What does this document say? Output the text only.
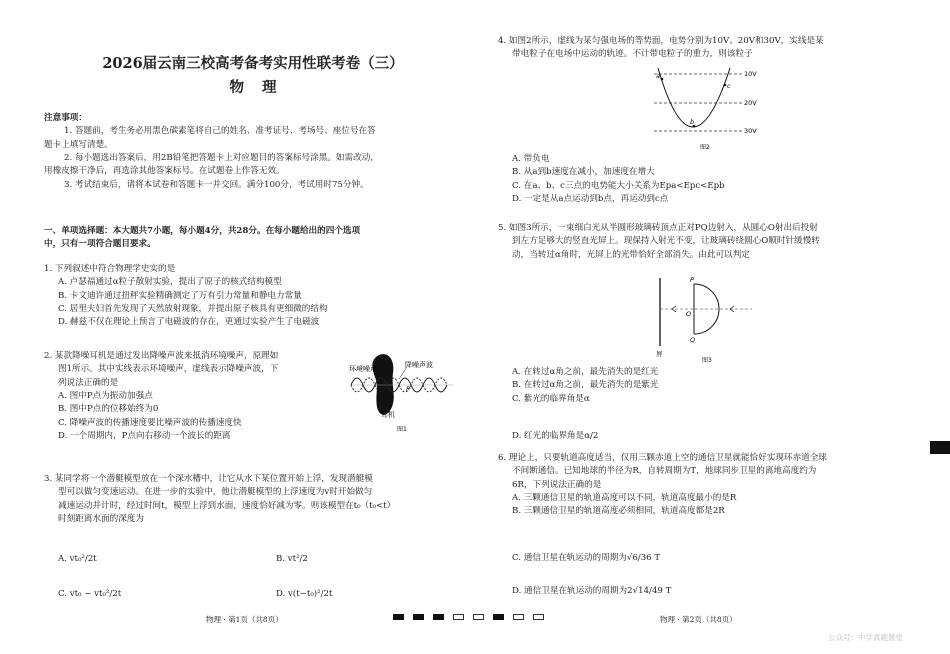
2026届云南三校高考备考实用性联考卷（三）
物理
注意事项：
1. 答题前，考生务必用黑色碳素笔将自己的姓名、准考证号、考场号、座位号在答
题卡上填写清楚。
2. 每小题选出答案后，用2B铅笔把答题卡上对应题目的答案标号涂黑。如需改动，
用橡皮擦干净后，再选涂其他答案标号。在试题卷上作答无效。
3. 考试结束后，请将本试卷和答题卡一并交回。满分100分，考试用时75分钟。
一、单项选择题：本大题共7小题，每小题4分，共28分。在每小题给出的四个选项
中，只有一项符合题目要求。
1. 下列叙述中符合物理学史实的是
A. 卢瑟福通过α粒子散射实验，提出了原子的核式结构模型
B. 卡文迪许通过扭秤实验精确测定了万有引力常量和静电力常量
C. 居里夫妇首先发现了天然放射现象，并提出原子核具有更细微的结构
D. 赫兹不仅在理论上预言了电磁波的存在，更通过实验产生了电磁波
2. 某款降噪耳机是通过发出降噪声波来抵消环境噪声，原理如
图1所示。其中实线表示环境噪声，虚线表示降噪声波，下
列说法正确的是
A. 图中P点为振动加强点
B. 图中P点的位移始终为0
C. 降噪声波的传播速度要比噪声波的传播速度快
D. 一个周期内，P点向右移动一个波长的距离
降噪声波
环境噪声
P
耳机
图1
3. 某同学将一个潜艇模型放在一个深水槽中，让它从水下某位置开始上浮，发现潜艇模
型可以做匀变速运动。在进一步的实验中，他让潜艇模型的上浮速度为v时开始做匀
减速运动并计时，经过时间t，模型上浮到水面，速度恰好减为零。则该模型在t₀（t₀<t）
时刻距离水面的深度为
A. vt₀²/2t	B. vt²/2
C. vt₀ − vt₀²/2t	D. v(t−t₀)²/2t
4. 如图2所示，虚线为某匀强电场的等势面，电势分别为10V、20V和30V，实线是某
带电粒子在电场中运动的轨迹。不计带电粒子的重力，则该粒子
a
b
c
10V
20V
30V
图2
A. 带负电
B. 从a到b速度在减小，加速度在增大
C. 在a、b、c三点的电势能大小关系为Epa<Epc<Epb
D. 一定是从a点运动到b点，再运动到c点
5. 如图3所示，一束细白光从半圆形玻璃砖顶点正对PQ边射入，从圆心O射出后投射
到左方足够大的竖直光屏上。现保持入射光不变，让玻璃砖绕圆心O顺时针缓慢转
动，当转过α角时，光屏上的光带恰好全部消失。由此可以判定
P
O
Q
屏
图3
A. 在转过α角之前，最先消失的是红光
B. 在转过α角之前，最先消失的是紫光
C. 紫光的临界角是α
D. 红光的临界角是α/2
6. 理论上，只要轨道高度适当，仅用三颗赤道上空的通信卫星就能恰好实现环赤道全球
不间断通信。已知地球的半径为R，自转周期为T，地球同步卫星的离地高度约为
6R，下列说法正确的是
A. 三颗通信卫星的轨道高度可以不同，轨道高度最小的是R
B. 三颗通信卫星的轨道高度必须相同，轨道高度都是2R
C. 通信卫星在轨运动的周期为√6/36 T
D. 通信卫星在轨运动的周期为2√14/49 T
物理 · 第1页（共8页）	物理 · 第2页（共8页）
公众号：中学真题酱堂
